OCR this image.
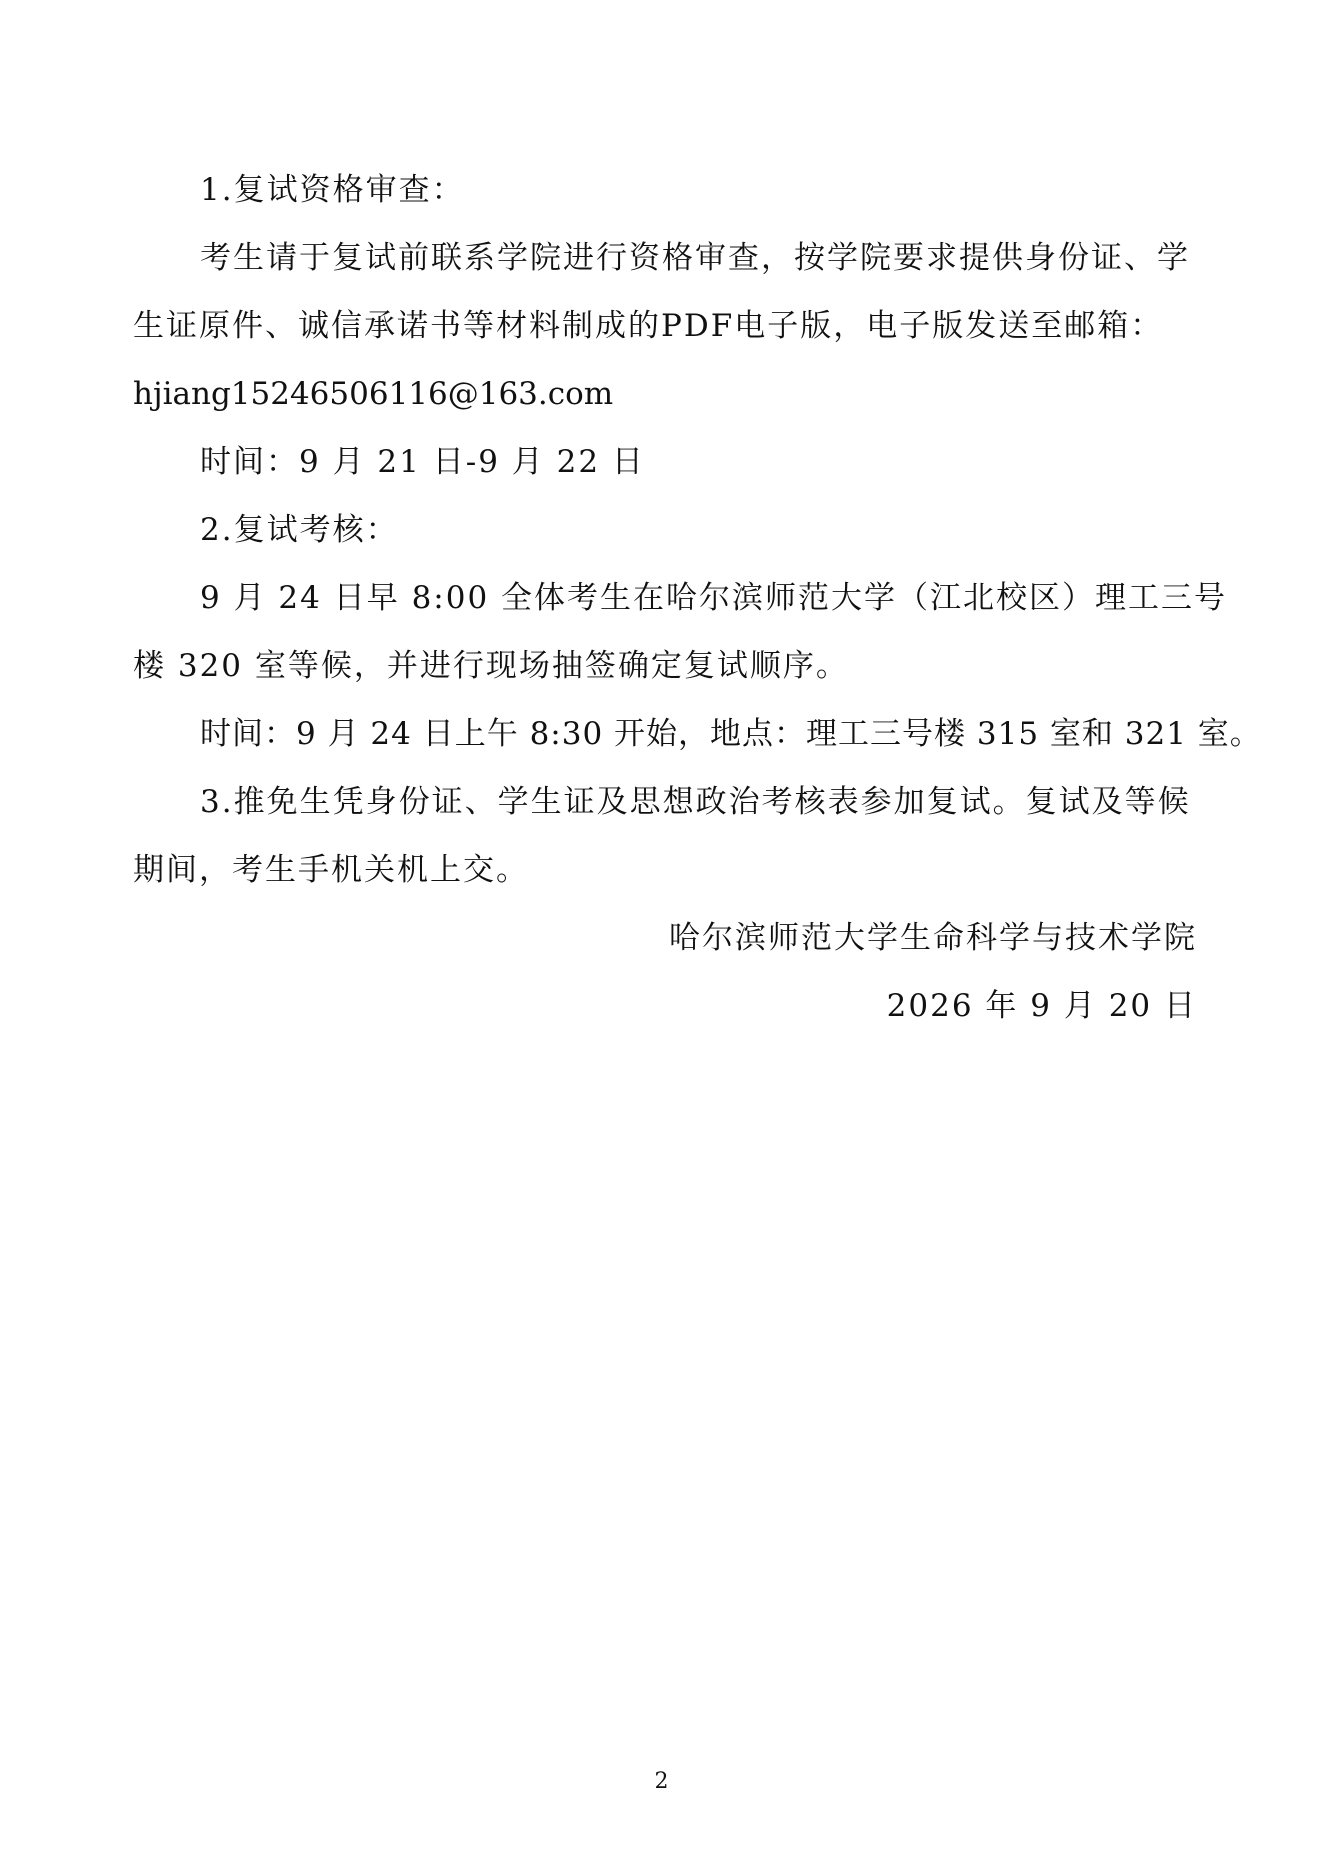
1.复试资格审查：
考生请于复试前联系学院进行资格审查，按学院要求提供身份证、学
生证原件、诚信承诺书等材料制成的PDF电子版，电子版发送至邮箱：
hjiang15246506116@163.com
时间：9 月 21 日-9 月 22 日
2.复试考核：
9 月 24 日早 8:00 全体考生在哈尔滨师范大学（江北校区）理工三号
楼 320 室等候，并进行现场抽签确定复试顺序。
时间：9 月 24 日上午 8:30 开始，地点：理工三号楼 315 室和 321 室。
3.推免生凭身份证、学生证及思想政治考核表参加复试。复试及等候
期间，考生手机关机上交。
哈尔滨师范大学生命科学与技术学院
2026 年 9 月 20 日
2
